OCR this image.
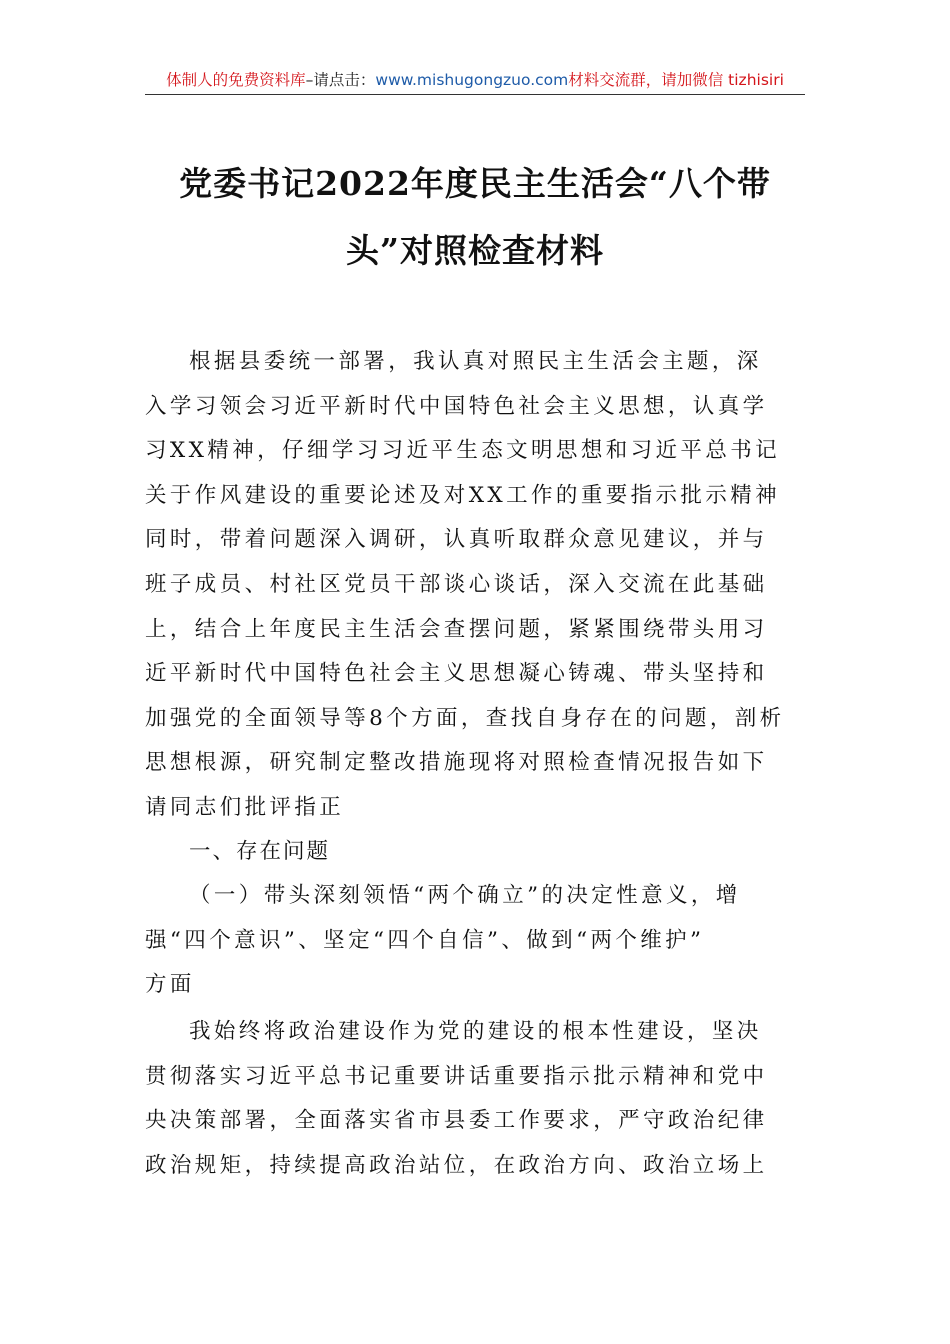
体制人的免费资料库–请点击：www.mishugongzuo.com材料交流群，请加微信 tizhisiri
党委书记2022年度民主生活会“八个带
头”对照检查材料
根据县委统一部署，我认真对照民主生活会主题，深
入学习领会习近平新时代中国特色社会主义思想，认真学
习XX精神，仔细学习习近平生态文明思想和习近平总书记
关于作风建设的重要论述及对XX工作的重要指示批示精神
同时，带着问题深入调研，认真听取群众意见建议，并与
班子成员、村社区党员干部谈心谈话，深入交流在此基础
上，结合上年度民主生活会查摆问题，紧紧围绕带头用习
近平新时代中国特色社会主义思想凝心铸魂、带头坚持和
加强党的全面领导等8个方面，查找自身存在的问题，剖析
思想根源，研究制定整改措施现将对照检查情况报告如下
请同志们批评指正
一、存在问题
（一）带头深刻领悟“两个确立”的决定性意义，增
强“四个意识”、坚定“四个自信”、做到“两个维护”
方面
我始终将政治建设作为党的建设的根本性建设，坚决
贯彻落实习近平总书记重要讲话重要指示批示精神和党中
央决策部署，全面落实省市县委工作要求，严守政治纪律
政治规矩，持续提高政治站位，在政治方向、政治立场上
